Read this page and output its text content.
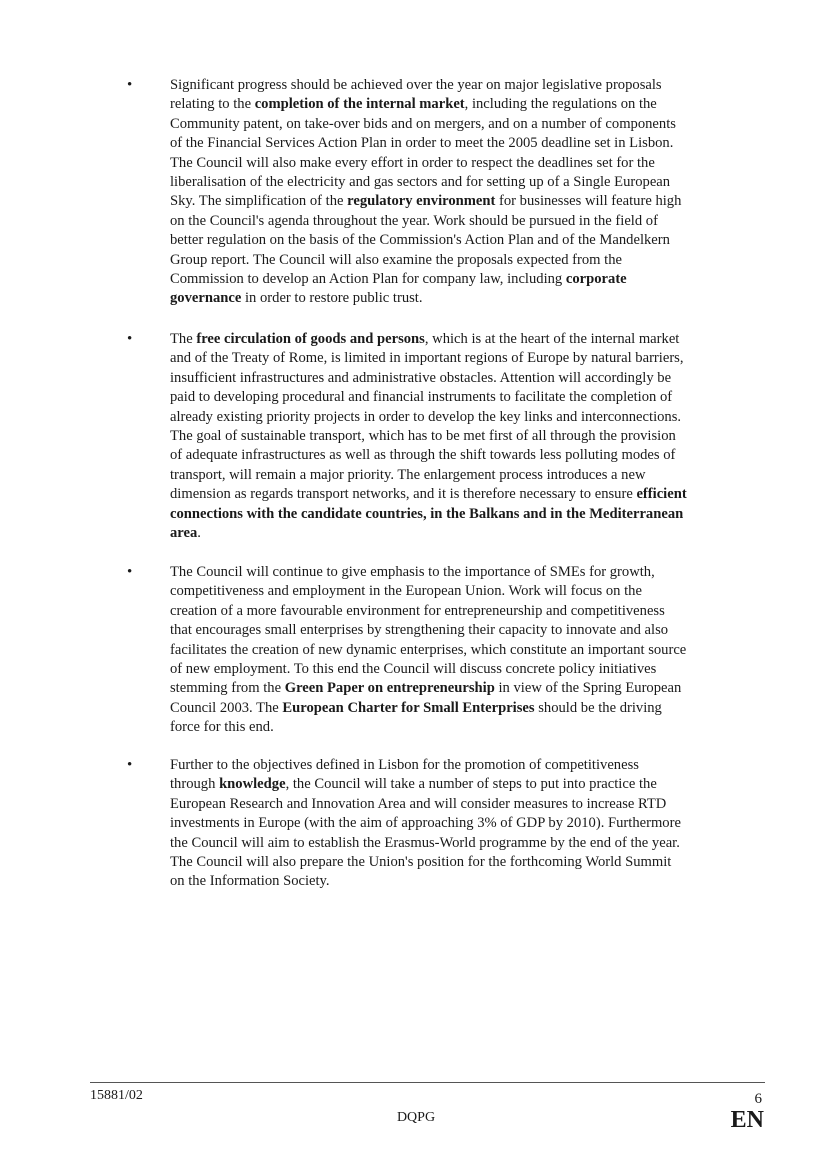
•	Significant progress should be achieved over the year on major legislative proposals
relating to the completion of the internal market, including the regulations on the
Community patent, on take-over bids and on mergers, and on a number of components
of the Financial Services Action Plan in order to meet the 2005 deadline set in Lisbon.
The Council will also make every effort in order to respect the deadlines set for the
liberalisation of the electricity and gas sectors and for setting up of a Single European
Sky. The simplification of the regulatory environment for businesses will feature high
on the Council's agenda throughout the year. Work should be pursued in the field of
better regulation on the basis of the Commission's Action Plan and of the Mandelkern
Group report. The Council will also examine the proposals expected from the
Commission to develop an Action Plan for company law, including corporate
governance in order to restore public trust.
•	The free circulation of goods and persons, which is at the heart of the internal market
and of the Treaty of Rome, is limited in important regions of Europe by natural barriers,
insufficient infrastructures and administrative obstacles. Attention will accordingly be
paid to developing procedural and financial instruments to facilitate the completion of
already existing priority projects in order to develop the key links and interconnections.
The goal of sustainable transport, which has to be met first of all through the provision
of adequate infrastructures as well as through the shift towards less polluting modes of
transport, will remain a major priority. The enlargement process introduces a new
dimension as regards transport networks, and it is therefore necessary to ensure efficient
connections with the candidate countries, in the Balkans and in the Mediterranean
area.
•	The Council will continue to give emphasis to the importance of SMEs for growth,
competitiveness and employment in the European Union. Work will focus on the
creation of a more favourable environment for entrepreneurship and competitiveness
that encourages small enterprises by strengthening their capacity to innovate and also
facilitates the creation of new dynamic enterprises, which constitute an important source
of new employment. To this end the Council will discuss concrete policy initiatives
stemming from the Green Paper on entrepreneurship in view of the Spring European
Council 2003. The European Charter for Small Enterprises should be the driving
force for this end.
•	Further to the objectives defined in Lisbon for the promotion of competitiveness
through knowledge, the Council will take a number of steps to put into practice the
European Research and Innovation Area and will consider measures to increase RTD
investments in Europe (with the aim of approaching 3% of GDP by 2010). Furthermore
the Council will aim to establish the Erasmus-World programme by the end of the year.
The Council will also prepare the Union's position for the forthcoming World Summit
on the Information Society.
15881/02	6
DQPG	EN
